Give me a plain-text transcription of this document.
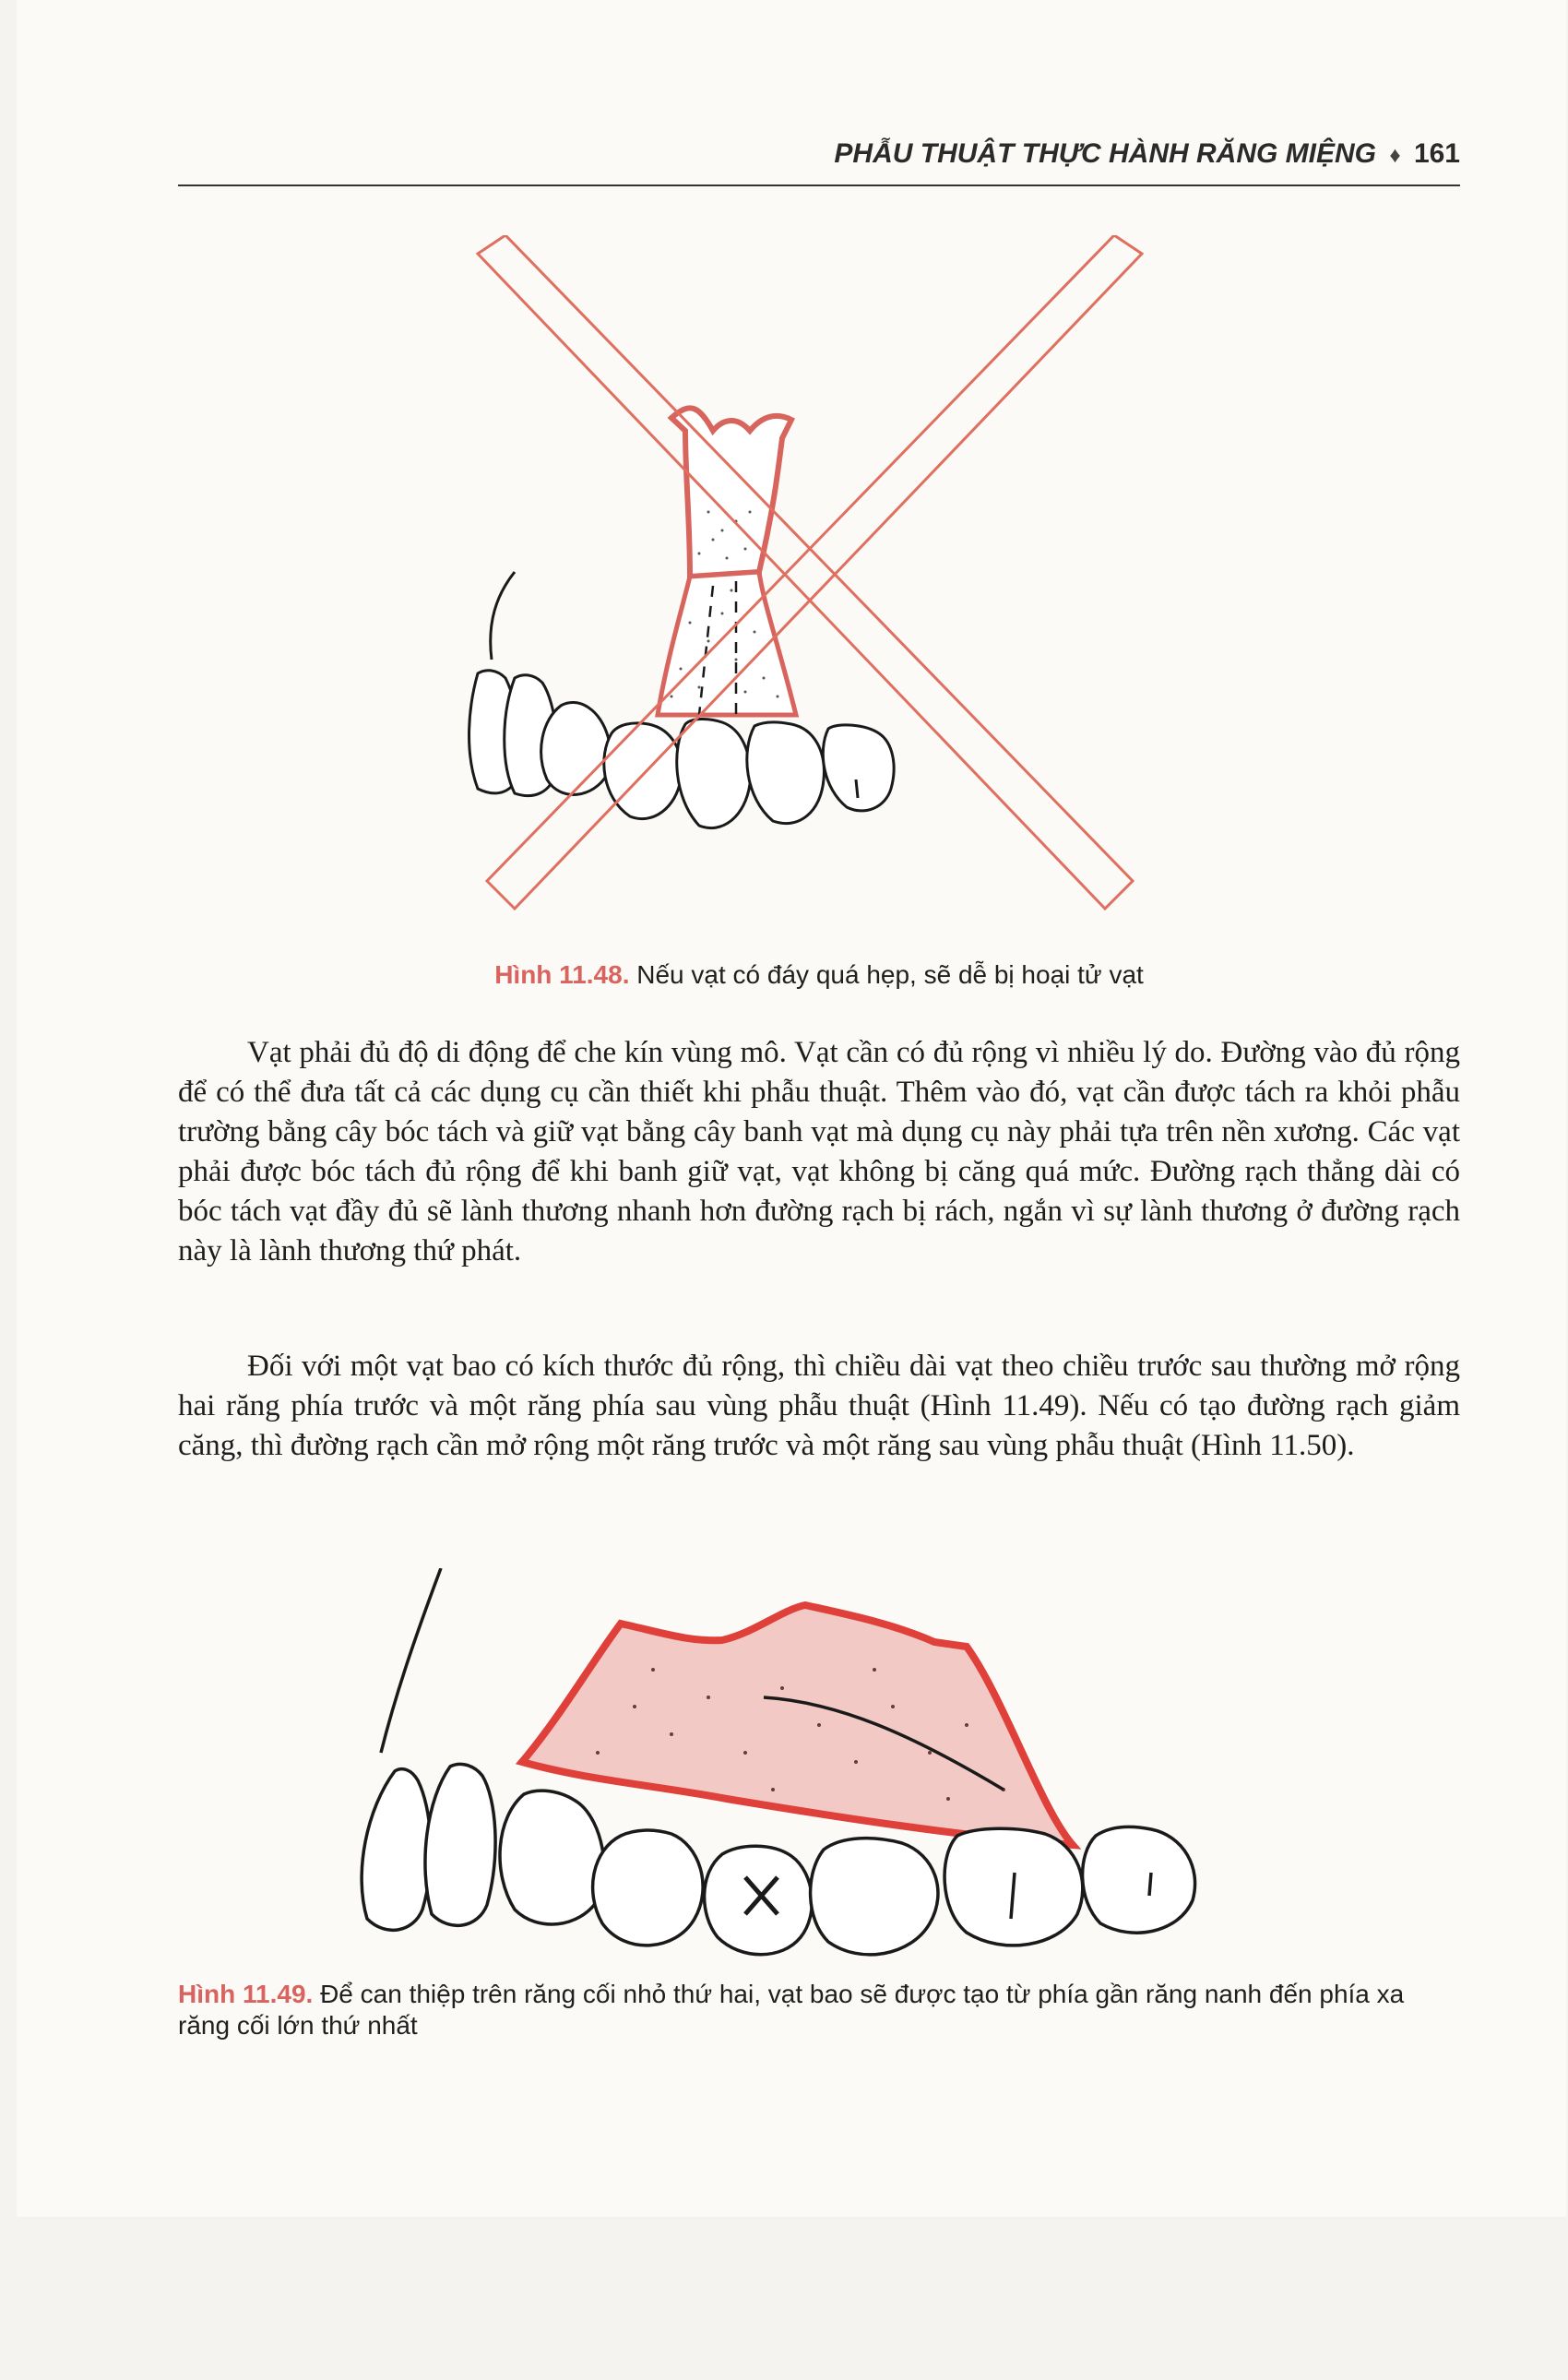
PHẪU THUẬT THỰC HÀNH RĂNG MIỆNG ♦ 161
Hình 11.48. Nếu vạt có đáy quá hẹp, sẽ dễ bị hoại tử vạt

Vạt phải đủ độ di động để che kín vùng mô. Vạt cần có đủ rộng vì nhiều lý do. Đường vào đủ rộng để có thể đưa tất cả các dụng cụ cần thiết khi phẫu thuật. Thêm vào đó, vạt cần được tách ra khỏi phẫu trường bằng cây bóc tách và giữ vạt bằng cây banh vạt mà dụng cụ này phải tựa trên nền xương. Các vạt phải được bóc tách đủ rộng để khi banh giữ vạt, vạt không bị căng quá mức. Đường rạch thẳng dài có bóc tách vạt đầy đủ sẽ lành thương nhanh hơn đường rạch bị rách, ngắn vì sự lành thương ở đường rạch này là lành thương thứ phát.

Đối với một vạt bao có kích thước đủ rộng, thì chiều dài vạt theo chiều trước sau thường mở rộng hai răng phía trước và một răng phía sau vùng phẫu thuật (Hình 11.49). Nếu có tạo đường rạch giảm căng, thì đường rạch cần mở rộng một răng trước và một răng sau vùng phẫu thuật (Hình 11.50).

Hình 11.49. Để can thiệp trên răng cối nhỏ thứ hai, vạt bao sẽ được tạo từ phía gần răng nanh đến phía xa răng cối lớn thứ nhất
